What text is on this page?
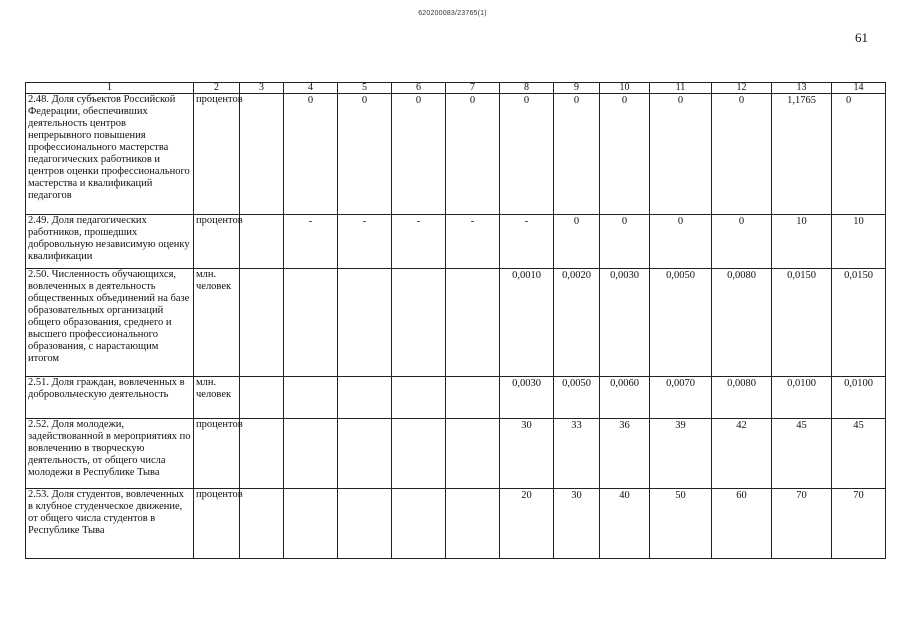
620200083/23765(1)
61
1	2	3	4	5	6	7	8	9	10	11	12	13	14
2.48. Доля субъектов Российской Федерации, обеспечивших деятельность центров непрерывного повышения профессионального мастерства педагогических работников и центров оценки профессионального мастерства и квалификаций педагогов	процентов		0	0	0	0	0	0	0	0	0	1,1765	0
2.49. Доля педагогических работников, прошедших добровольную независимую оценку квалификации	процентов		-	-	-	-	-	0	0	0	0	10	10
2.50. Численность обучающихся, вовлеченных в деятельность общественных объединений на базе образовательных организаций общего образования, среднего и высшего профессионального образования, с нарастающим итогом	млн. человек						0,0010	0,0020	0,0030	0,0050	0,0080	0,0150	0,0150
2.51. Доля граждан, вовлеченных в добровольческую деятельность	млн. человек						0,0030	0,0050	0,0060	0,0070	0,0080	0,0100	0,0100
2.52. Доля молодежи, задействованной в мероприятиях по вовлечению в творческую деятельность, от общего числа молодежи в Республике Тыва	процентов						30	33	36	39	42	45	45
2.53. Доля студентов, вовлеченных в клубное студенческое движение, от общего числа студентов в Республике Тыва	процентов						20	30	40	50	60	70	70
